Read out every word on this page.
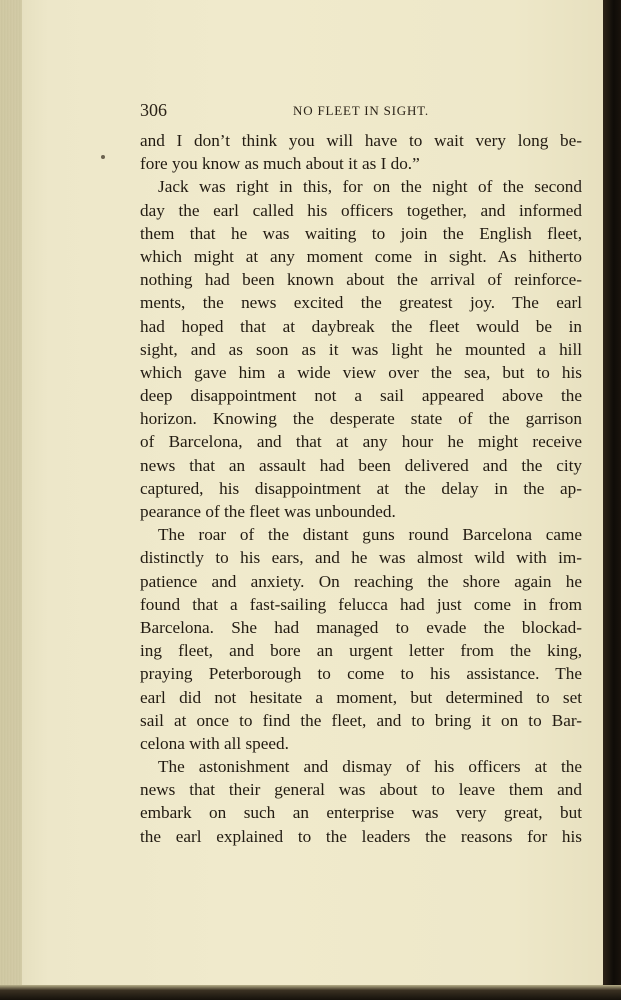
306	NO FLEET IN SIGHT.
and I don’t think you will have to wait very long be-
fore you know as much about it as I do.”
Jack was right in this, for on the night of the second
day the earl called his officers together, and informed
them that he was waiting to join the English fleet,
which might at any moment come in sight. As hitherto
nothing had been known about the arrival of reinforce-
ments, the news excited the greatest joy. The earl
had hoped that at daybreak the fleet would be in
sight, and as soon as it was light he mounted a hill
which gave him a wide view over the sea, but to his
deep disappointment not a sail appeared above the
horizon. Knowing the desperate state of the garrison
of Barcelona, and that at any hour he might receive
news that an assault had been delivered and the city
captured, his disappointment at the delay in the ap-
pearance of the fleet was unbounded.
The roar of the distant guns round Barcelona came
distinctly to his ears, and he was almost wild with im-
patience and anxiety. On reaching the shore again he
found that a fast-sailing felucca had just come in from
Barcelona. She had managed to evade the blockad-
ing fleet, and bore an urgent letter from the king,
praying Peterborough to come to his assistance. The
earl did not hesitate a moment, but determined to set
sail at once to find the fleet, and to bring it on to Bar-
celona with all speed.
The astonishment and dismay of his officers at the
news that their general was about to leave them and
embark on such an enterprise was very great, but
the earl explained to the leaders the reasons for his
